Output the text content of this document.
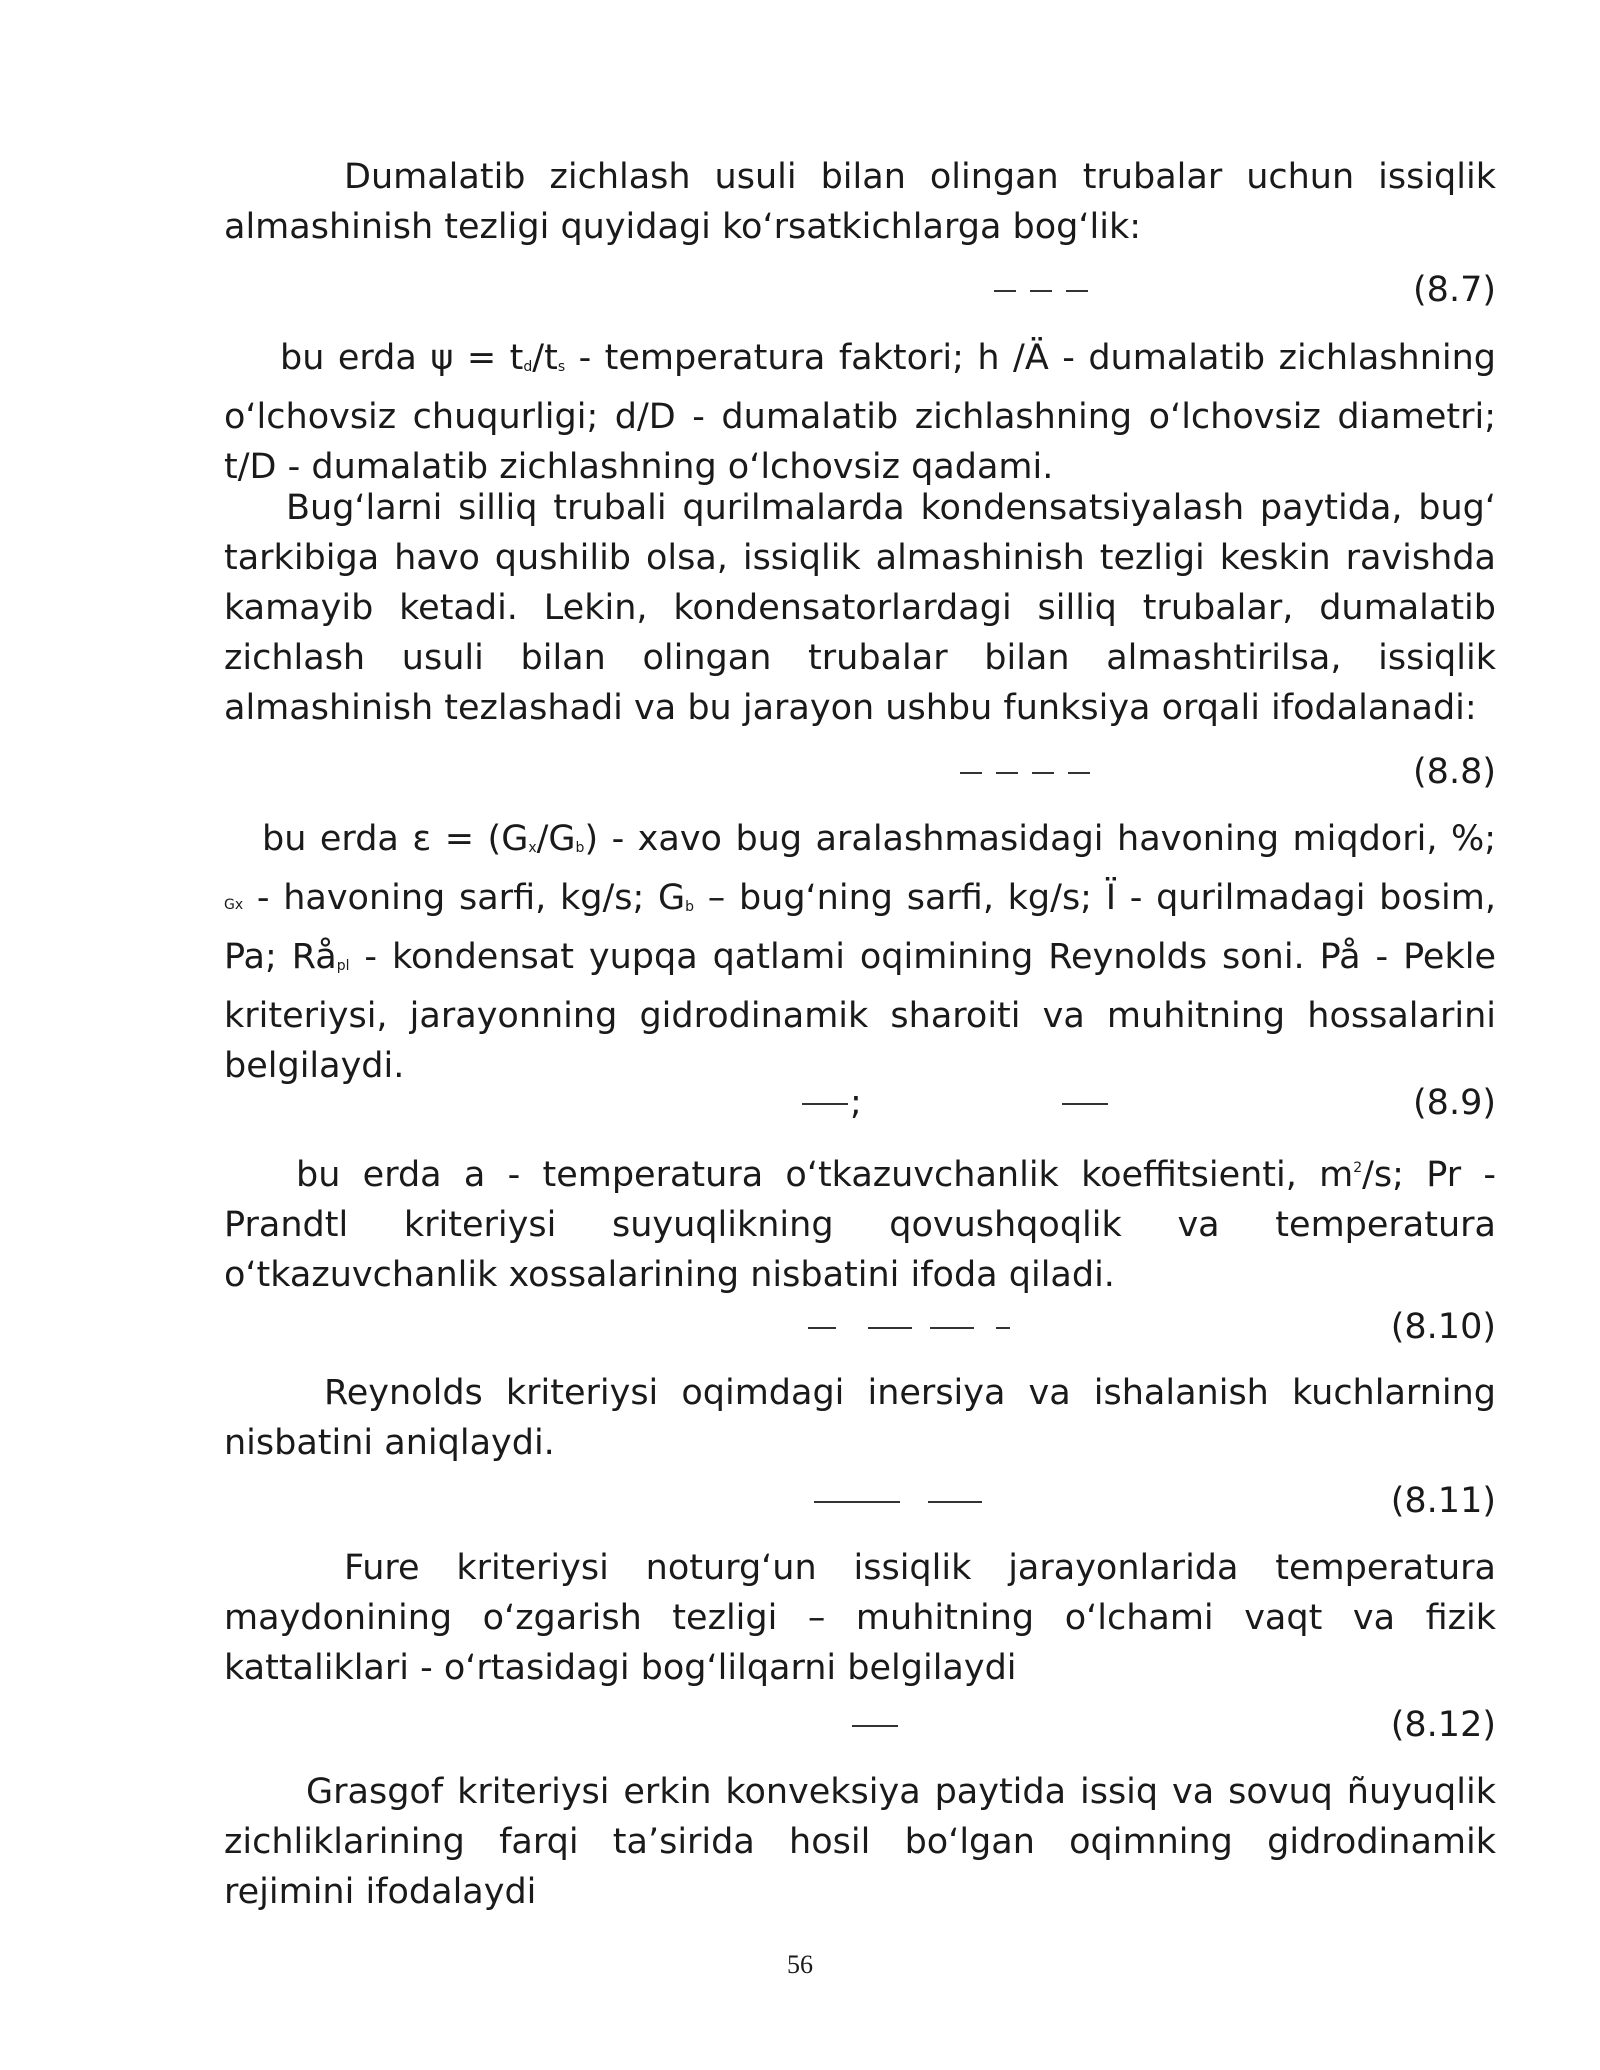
Dumalatib zichlash usuli bilan olingan trubalar uchun issiqlik almashinish tezligi quyidagi ko‘rsatkichlarga bog‘lik:

(8.7)

bu erda $\psi = t_d/t_s$ - temperatura faktori; h /Ä - dumalatib zichlashning o‘lchovsiz chuqurligi; d/D - dumalatib zichlashning o‘lchovsiz diametri; t/D - dumalatib zichlashning o‘lchovsiz qadami.

Bug‘larni silliq trubali qurilmalarda kondensatsiyalash paytida, bug‘ tarkibiga havo qushilib olsa, issiqlik almashinish tezligi keskin ravishda kamayib ketadi. Lekin, kondensatorlardagi silliq trubalar, dumalatib zichlash usuli bilan olingan trubalar bilan almashtirilsa, issiqlik almashinish tezlashadi va bu jarayon ushbu funksiya orqali ifodalanadi:

(8.8)

bu erda $\varepsilon = (G_x/G_b)$ - xavo bug aralashmasidagi havoning miqdori, %; Gx - havoning sarfi, kg/s; $G_b$ – bug‘ning sarfi, kg/s; Ï - qurilmadagi bosim, Pa; $Rå_{pl}$ - kondensat yupqa qatlami oqimining Reynolds soni. På - Pekle kriteriysi, jarayonning gidrodinamik sharoiti va muhitning hossalarini belgilaydi.

;	(8.9)

bu erda a - temperatura o‘tkazuvchanlik koeffitsienti, $m^2/s$; Pr - Prandtl kriteriysi suyuqlikning qovushqoqlik va temperatura o‘tkazuvchanlik xossalarining nisbatini ifoda qiladi.

(8.10)

Reynolds kriteriysi oqimdagi inersiya va ishalanish kuchlarning nisbatini aniqlaydi.

(8.11)

Fure kriteriysi noturg‘un issiqlik jarayonlarida temperatura maydonining o‘zgarish tezligi – muhitning o‘lchami vaqt va fizik kattaliklari - o‘rtasidagi bog‘lilqarni belgilaydi

(8.12)

Grasgof kriteriysi erkin konveksiya paytida issiq va sovuq ñuyuqlik zichliklarining farqi ta’sirida hosil bo‘lgan oqimning gidrodinamik rejimini ifodalaydi

56
